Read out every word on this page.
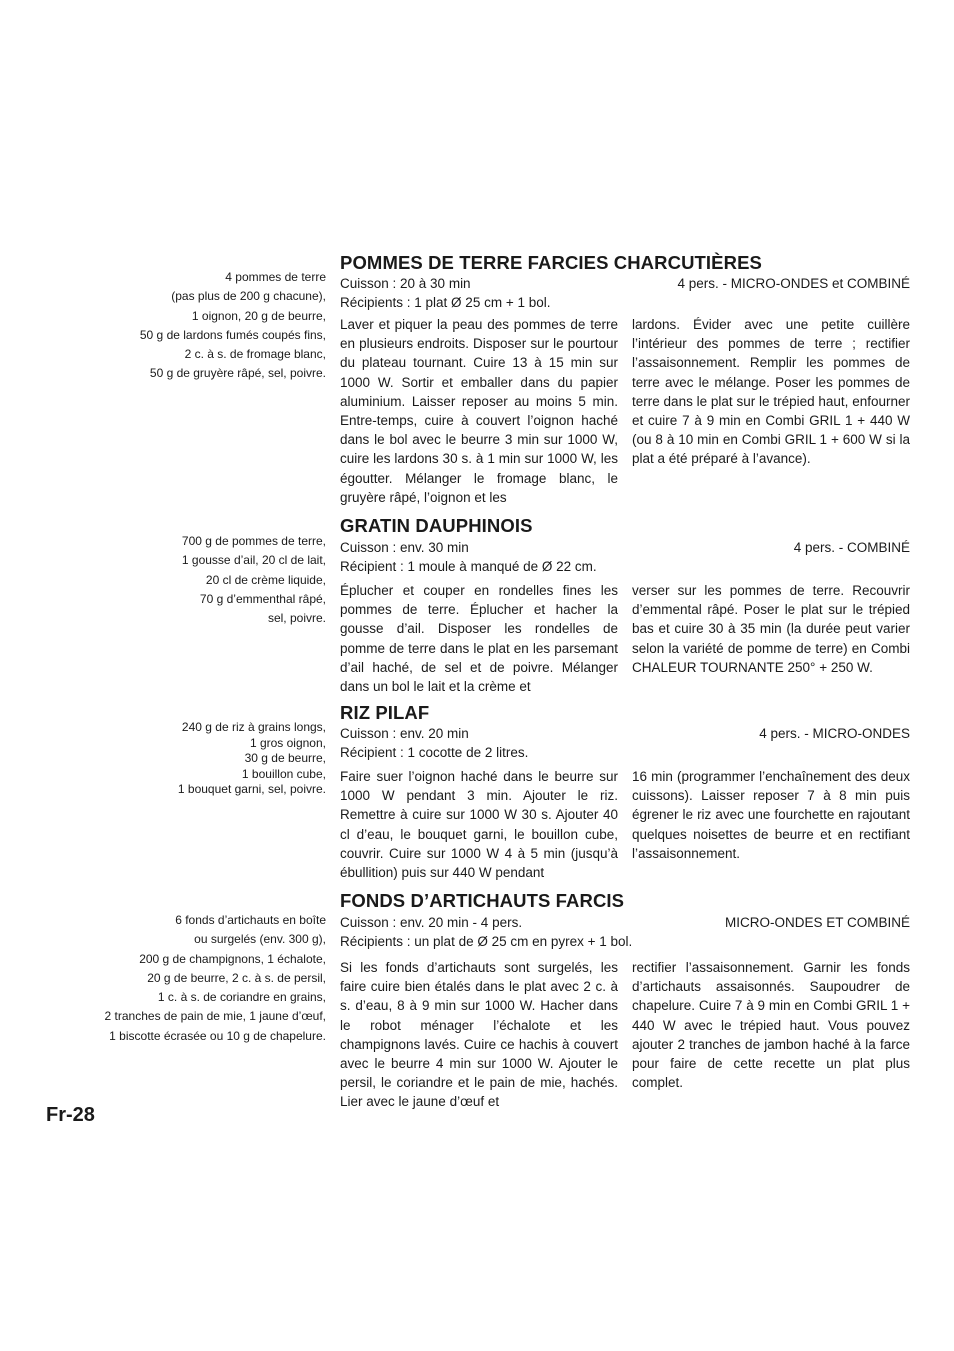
4 pommes de terre
(pas plus de 200 g chacune),
1 oignon, 20 g de beurre,
50 g de lardons fumés coupés fins,
2 c. à s. de fromage blanc,
50 g de gruyère râpé, sel, poivre.
POMMES DE TERRE FARCIES CHARCUTIÈRES
Cuisson : 20 à 30 min	4 pers. - MICRO-ONDES et COMBINÉ
Récipients : 1 plat Ø 25 cm + 1 bol.
Laver et piquer la peau des pommes de terre en plusieurs endroits. Disposer sur le pourtour du plateau tournant. Cuire 13 à 15 min sur 1000 W. Sortir et emballer dans du papier aluminium. Laisser reposer au moins 5 min. Entre-temps, cuire à couvert l’oignon haché dans le bol avec le beurre 3 min sur 1000 W, cuire les lardons 30 s. à 1 min sur 1000 W, les égoutter. Mélanger le fromage blanc, le gruyère râpé, l’oignon et les
lardons. Évider avec une petite cuillère l’intérieur des pommes de terre ; rectifier l’assaisonnement. Remplir les pommes de terre avec le mélange. Poser les pommes de terre dans le plat sur le trépied haut, enfourner et cuire 7 à 9 min en Combi GRIL 1 + 440 W (ou 8 à 10 min en Combi GRIL 1 + 600 W si la plat a été préparé à l’avance).
700 g de pommes de terre,
1 gousse d’ail, 20 cl de lait,
20 cl de crème liquide,
70 g d’emmenthal râpé,
sel, poivre.
GRATIN DAUPHINOIS
Cuisson : env. 30 min	4 pers. - COMBINÉ
Récipient : 1 moule à manqué de Ø 22 cm.
Éplucher et couper en rondelles fines les pommes de terre. Éplucher et hacher la gousse d’ail. Disposer les rondelles de pomme de terre dans le plat en les parsemant d’ail haché, de sel et de poivre. Mélanger dans un bol le lait et la crème et
verser sur les pommes de terre. Recouvrir d’emmental râpé. Poser le plat sur le trépied bas et cuire 30 à 35 min (la durée peut varier selon la variété de pomme de terre) en Combi CHALEUR TOURNANTE 250° + 250 W.
240 g de riz à grains longs,
1 gros oignon,
30 g de beurre,
1 bouillon cube,
1 bouquet garni, sel, poivre.
RIZ PILAF
Cuisson : env. 20 min	4 pers. - MICRO-ONDES
Récipient : 1 cocotte de 2 litres.
Faire suer l’oignon haché dans le beurre sur 1000 W pendant 3 min. Ajouter le riz. Remettre à cuire sur 1000 W 30 s. Ajouter 40 cl d’eau, le bouquet garni, le bouillon cube, couvrir. Cuire sur 1000 W 4 à 5 min (jusqu’à ébullition) puis sur 440 W pendant
16 min (programmer l’enchaînement des deux cuissons). Laisser reposer 7 à 8 min puis égrener le riz avec une fourchette en rajoutant quelques noisettes de beurre et en rectifiant l’assaisonnement.
6 fonds d’artichauts en boîte
ou surgelés (env. 300 g),
200 g de champignons, 1 échalote,
20 g de beurre, 2 c. à s. de persil,
1 c. à s. de coriandre en grains,
2 tranches de pain de mie, 1 jaune d’œuf,
1 biscotte écrasée ou 10 g de chapelure.
FONDS D’ARTICHAUTS FARCIS
Cuisson : env. 20 min - 4 pers.	MICRO-ONDES ET COMBINÉ
Récipients : un plat de Ø 25 cm en pyrex + 1 bol.
Si les fonds d’artichauts sont surgelés, les faire cuire bien étalés dans le plat avec 2 c. à s. d’eau, 8 à 9 min sur 1000 W. Hacher dans le robot ménager l’échalote et les champignons lavés. Cuire ce hachis à couvert avec le beurre 4 min sur 1000 W. Ajouter le persil, le coriandre et le pain de mie, hachés. Lier avec le jaune d’œuf et
rectifier l’assaisonnement. Garnir les fonds d’artichauts assaisonnés. Saupoudrer de chapelure. Cuire 7 à 9 min en Combi GRIL 1 + 440 W avec le trépied haut. Vous pouvez ajouter 2 tranches de jambon haché à la farce pour faire de cette recette un plat plus complet.
Fr-28
